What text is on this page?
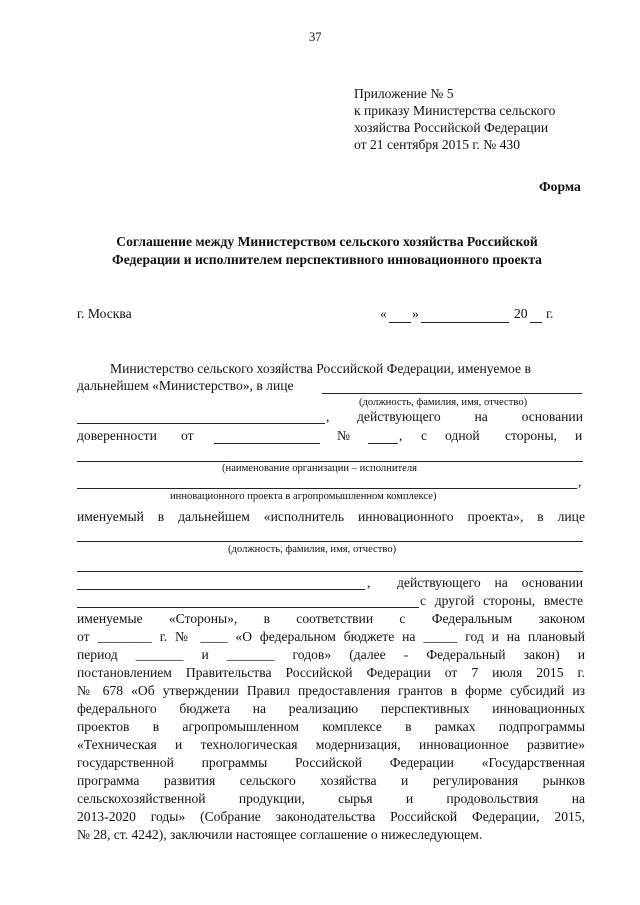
37
Приложение № 5
к приказу Министерства сельского
хозяйства Российской Федерации
от 21 сентября 2015 г. № 430
Форма
Соглашение между Министерством сельского хозяйства Российской
Федерации и исполнителем перспективного инновационного проекта
г. Москва	« »	20 г.
Министерство сельского хозяйства Российской Федерации, именуемое в
дальнейшем «Министерство», в лице
(должность, фамилия, имя, отчество)
, действующего на основании
доверенности от	№	, с одной стороны, и
(наименование организации – исполнителя
,
инновационного проекта в агропромышленном комплексе)
именуемый в дальнейшем «исполнитель инновационного проекта», в лице
(должность, фамилия, имя, отчество)
, действующего на основании
с другой стороны, вместе
именуемые «Стороны», в соответствии с Федеральным законом
от ________ г. № ____ «О федеральном бюджете на _____ год и на плановый
период _______ и _______ годов» (далее - Федеральный закон) и
постановлением Правительства Российской Федерации от 7 июля 2015 г.
№ 678 «Об утверждении Правил предоставления грантов в форме субсидий из
федерального бюджета на реализацию перспективных инновационных
проектов в агропромышленном комплексе в рамках подпрограммы
«Техническая и технологическая модернизация, инновационное развитие»
государственной программы Российской Федерации «Государственная
программа развития сельского хозяйства и регулирования рынков
сельскохозяйственной продукции, сырья и продовольствия на
2013-2020 годы» (Собрание законодательства Российской Федерации, 2015,
№ 28, ст. 4242), заключили настоящее соглашение о нижеследующем.
